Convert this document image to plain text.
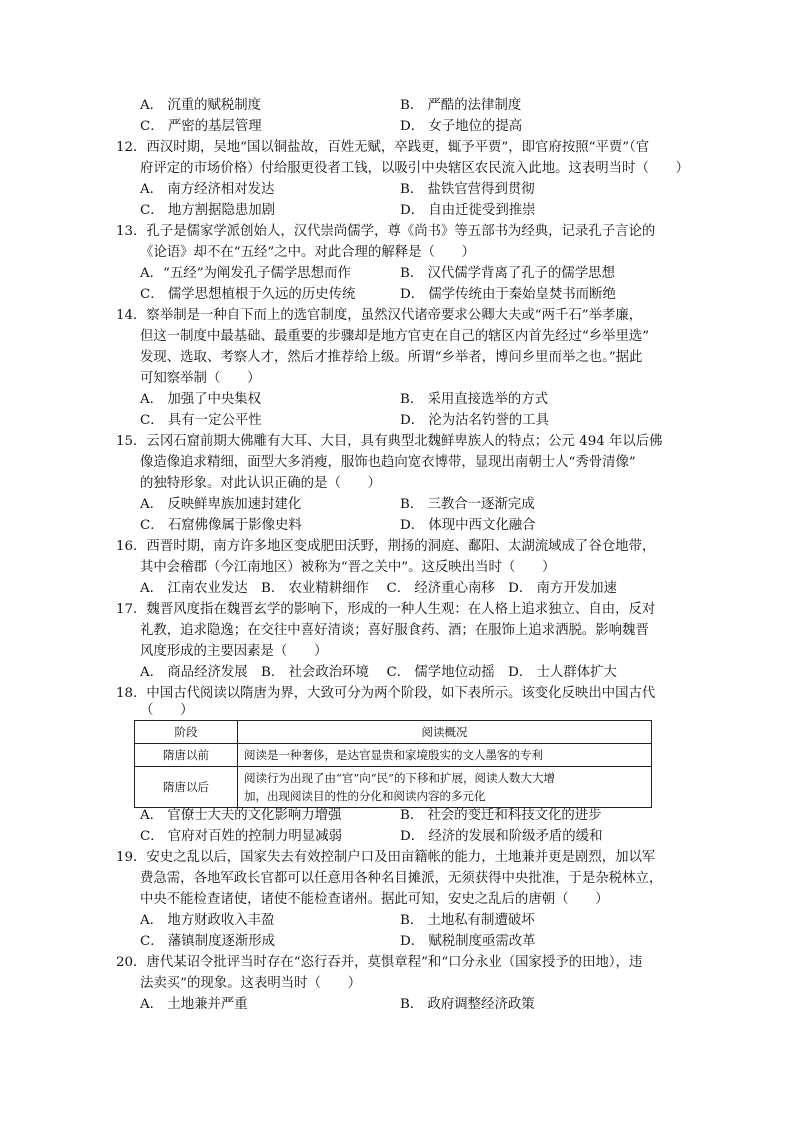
A． 沉重的赋税制度	B． 严酷的法律制度
C． 严密的基层管理	D． 女子地位的提高
12．西汉时期，吴地“国以铜盐故，百姓无赋，卒践更，辄予平贾”，即官府按照“平贾”（官
府评定的市场价格）付给服更役者工钱，以吸引中央辖区农民流入此地。这表明当时（　　）
A． 南方经济相对发达	B． 盐铁官营得到贯彻
C． 地方割据隐患加剧	D． 自由迁徙受到推崇
13．孔子是儒家学派创始人，汉代崇尚儒学，尊《尚书》等五部书为经典，记录孔子言论的
《论语》却不在“五经”之中。对此合理的解释是（　　）
A．“五经”为阐发孔子儒学思想而作	B． 汉代儒学背离了孔子的儒学思想
C． 儒学思想植根于久远的历史传统	D． 儒学传统由于秦始皇焚书而断绝
14．察举制是一种自下而上的选官制度，虽然汉代诸帝要求公卿大夫或“两千石”举孝廉，
但这一制度中最基础、最重要的步骤却是地方官吏在自己的辖区内首先经过“乡举里选”
发现、选取、考察人才，然后才推荐给上级。所谓“乡举者，博问乡里而举之也。”据此
可知察举制（　　）
A． 加强了中央集权	B． 采用直接选举的方式
C． 具有一定公平性	D． 沦为沽名钓誉的工具
15．云冈石窟前期大佛雕有大耳、大目，具有典型北魏鲜卑族人的特点；公元 494 年以后佛
像造像追求精细，面型大多消瘦，服饰也趋向宽衣博带，显现出南朝士人“秀骨清像”
的独特形象。对此认识正确的是（　　）
A． 反映鲜卑族加速封建化	B． 三教合一逐渐完成
C． 石窟佛像属于影像史料	D． 体现中西文化融合
16．西晋时期，南方许多地区变成肥田沃野，荆扬的洞庭、鄱阳、太湖流域成了谷仓地带，
其中会稽郡（今江南地区）被称为“晋之关中”。这反映出当时（　　）
A． 江南农业发达　B． 农业精耕细作　 C． 经济重心南移　D． 南方开发加速
17．魏晋风度指在魏晋玄学的影响下，形成的一种人生观：在人格上追求独立、自由，反对
礼教，追求隐逸；在交往中喜好清谈；喜好服食药、酒；在服饰上追求洒脱。影响魏晋
风度形成的主要因素是（　　）
A． 商品经济发展　B． 社会政治环境　 C． 儒学地位动摇　D． 士人群体扩大
18．中国古代阅读以隋唐为界，大致可分为两个阶段，如下表所示。该变化反映出中国古代
（　　）
阶段	阅读概况
隋唐以前	阅读是一种奢侈，是达官显贵和家境殷实的文人墨客的专利
隋唐以后	阅读行为出现了由“官”向“民”的下移和扩展，阅读人数大大增
加，出现阅读目的性的分化和阅读内容的多元化
A． 官僚士大夫的文化影响力增强	B． 社会的变迁和科技文化的进步
C． 官府对百姓的控制力明显减弱	D． 经济的发展和阶级矛盾的缓和
19．安史之乱以后，国家失去有效控制户口及田亩籍帐的能力，土地兼并更是剧烈，加以军
费急需，各地军政长官都可以任意用各种名目摊派，无须获得中央批准，于是杂税林立，
中央不能检查诸使，诸使不能检查诸州。据此可知，安史之乱后的唐朝（　　）
A． 地方财政收入丰盈	B． 土地私有制遭破坏
C． 藩镇制度逐渐形成	D． 赋税制度亟需改革
20．唐代某诏令批评当时存在“恣行吞并，莫惧章程”和“口分永业（国家授予的田地），违
法卖买”的现象。这表明当时（　　）
A． 土地兼并严重	B． 政府调整经济政策
